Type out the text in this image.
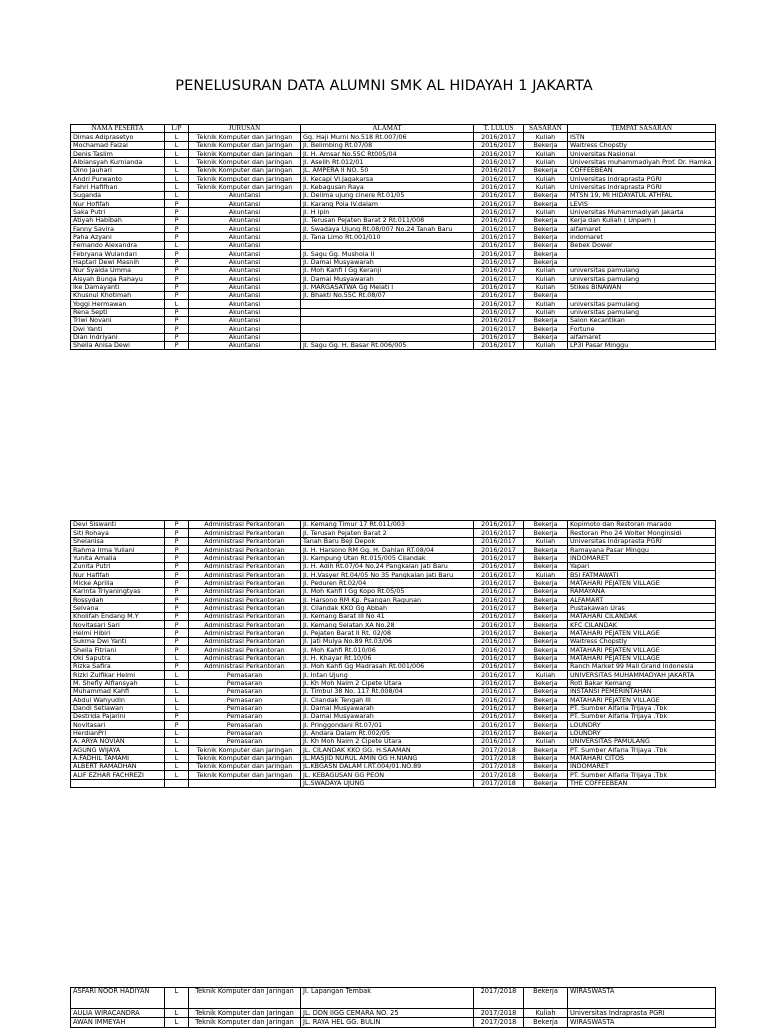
PENELUSURAN DATA ALUMNI SMK AL HIDAYAH 1 JAKARTA
NAMA PESERTA	L/P	JURUSAN	ALAMAT	T. LULUS	SASARAN	TEMPAT SASARAN
Dimas Adiprasetyo	L	Teknik Komputer dan Jaringan	Gg. Haji Murni No.518 Rt.007/06	2016/2017	Kuliah	ISTN
Mochamad Faizal	L	Teknik Komputer dan Jaringan	Jl. Belimbing Rt.07/08	2016/2017	Bekerja	Waitress Chopstly
Denis Taslim	L	Teknik Komputer dan Jaringan	Jl. H. Amsar No.55C Rt005/04	2016/2017	Kuliah	Universitas Nasional
Albiansyah Kurnianda	L	Teknik Komputer dan Jaringan	Jl. Aselih Rt.012/01	2016/2017	Kuliah	Universitas muhammadiyah Prof. Dr. Hamka
Dino Jauhari	L	Teknik Komputer dan Jaringan	JL. AMPERA II NO. 50	2016/2017	Bekerja	COFFEEBEAN
Andri Purwanto	L	Teknik Komputer dan Jaringan	Jl. Kecapi Vl.Jagakarsa	2016/2017	Kuliah	Universitas Indraprasta PGRI
Fahri Hafifhan	L	Teknik Komputer dan Jaringan	Jl. Kebagusan Raya	2016/2017	Kuliah	Universitas Indraprasta PGRI
Suganda	L	Akuntansi	Jl. Delima ujung cinere Rt.01/05	2016/2017	Bekerja	MTSN 19, MI HIDAYATUL ATHFAL
Nur Hofifah	P	Akuntansi	Jl. Karang Pola IV.dalam	2016/2017	Bekerja	LEVIS
Saka Putri	P	Akuntansi	Jl. H Ipin	2016/2017	Kuliah	Universitas Muhammadiyah Jakarta
Atiyah Habibah	P	Akuntansi	Jl. Terusan Pejaten Barat 2 Rt.011/008	2016/2017	Bekerja	Kerja dan Kuliah ( Unpam )
Fanny Savira	P	Akuntansi	Jl. Swadaya Ujung Rt.08/007 No.24 Tanah Baru	2016/2017	Bekerja	alfamaret
Paha Azyani	P	Akuntansi	Jl. Tana Limo Rt.001/010	2016/2017	Bekerja	indomaret
Fernando Alexandra	L	Akuntansi		2016/2017	Bekerja	Bebek Dower
Febryana Wulandari	P	Akuntansi	Jl. Sagu Gg. Mushola II	2016/2017	Bekerja	
Haptari Dewi Masnih	P	Akuntansi	Jl. Damai Musyawarah	2016/2017	Bekerja	
Nur Syaida Umma	P	Akuntansi	Jl. Moh Kahfi I Gg Keranji	2016/2017	Kuliah	universitas pamulang
Aisyah Bunga Rahayu	P	Akuntansi	Jl. Damai Musyawarah	2016/2017	Kuliah	universitas pamulang
Ike Damayanti	P	Akuntansi	Jl. MARGASATWA Gg Melati I	2016/2017	Kuliah	Stikes BINAWAN
Khusnul Khotimah	P	Akuntansi	Jl. Bhakti No.55C Rt.08/07	2016/2017	Bekerja	
Yoggi Hermawan	L	Akuntansi		2016/2017	Kuliah	universitas pamulang
Rena Septi	P	Akuntansi		2016/2017	Kuliah	universitas pamulang
Triwi Novani	P	Akuntansi		2016/2017	Bekerja	Salon Kecantikan
Dwi Yanti	P	Akuntansi		2016/2017	Bekerja	Fortune
Dian Indriyani	P	Akuntansi		2016/2017	Bekerja	alfamaret
Sheila Anisa Dewi	P	Akuntansi	Jl. Sagu Gg. H. Basar Rt.006/005	2016/2017	Kuliah	LP3I Pasar Minggu
Devi Siswanti	P	Administrasi Perkantoran	Jl. Kemang Timur 17 Rt.011/003	2016/2017	Bekerja	Kopimoto dan Restoran marado
Siti Rohaya	P	Administrasi Perkantoran	Jl. Terusan Pejaten Barat 2	2016/2017	Bekerja	Restoran Pho 24 Wolter Monginsidi
Shelanisa	P	Administrasi Perkantoran	Tanah Baru Beji Depok	2016/2017	Kuliah	Universitas Indraprasta PGRI
Rahma Irma Yuliani	P	Administrasi Perkantoran	Jl. H. Harsono RM Gg. H. Dahlan RT.08/04	2016/2017	Bekerja	Ramayana Pasar Minggu
Yunita Amalia	P	Administrasi Perkantoran	Jl. Kampung Utan Rt.015/005 Cilandak	2016/2017	Bekerja	INDOMARET
Zunita Putri	P	Administrasi Perkantoran	Jl. H. Adih Rt.07/04 No.24 Pangkalan Jati Baru	2016/2017	Bekerja	Yapari
Nur Hafifah	P	Administrasi Perkantoran	Jl. H.Vasyer Rt.04/05 No 35 Pangkalan Jati Baru	2016/2017	Kuliah	BSI FATMAWATI
Micke Aprilia	P	Administrasi Perkantoran	Jl. Peduren Rt.02/04	2016/2017	Bekerja	MATAHARI PEJATEN VILLAGE
Karinta Triyaningtyas	P	Administrasi Perkantoran	Jl. Moh Kahfi I Gg Kopo Rt.05/05	2016/2017	Bekerja	RAMAYANA
Rossydah	P	Administrasi Perkantoran	Jl. Harsono RM Kp. Psangan Ragunan	2016/2017	Bekerja	ALFAMART
Selvana	P	Administrasi Perkantoran	Jl. Cilandak KKO Gg Abbah	2016/2017	Bekerja	Pustakawan Uras
Kholifah Endang M.Y	P	Administrasi Perkantoran	Jl. Kemang Barat III No 41	2016/2017	Bekerja	MATAHARI CILANDAK
Novitasari Sari	P	Administrasi Perkantoran	Jl. Kemang Selatan XA No.28	2016/2017	Bekerja	KFC CILANDAK
Helmi Hibiri	P	Administrasi Perkantoran	Jl. Pejaten Barat II Rt. 02/08	2016/2017	Bekerja	MATAHARI PEJATEN VILLAGE
Sukma Dwi Yanti	P	Administrasi Perkantoran	Jl. Jati Mulya No.89 Rt.03/06	2016/2017	Bekerja	Waitress Chopstly
Sheila Fitriani	P	Administrasi Perkantoran	Jl. Moh Kahfi Rt.010/06	2016/2017	Bekerja	MATAHARI PEJATEN VILLAGE
Oki Saputra	L	Administrasi Perkantoran	Jl. H. Khayar Rt.10/06	2016/2017	Bekerja	MATAHARI PEJATEN VILLAGE
Rizka Safira	P	Administrasi Perkantoran	Jl. Moh Kahfi Gg Madrasah Rt.001/006	2016/2017	Bekerja	Ranch Market 99 Mall Grand Indonesia
Rizki Zulfikar Helmi	L	Pemasaran	Jl. Intan Ujung	2016/2017	Kuliah	UNIVERSITAS MUHAMMADYAH JAKARTA
M. Shefly Alfiansyah	L	Pemasaran	Jl. Kh Moh Naim 2 Cipete Utara	2016/2017	Bekerja	Roti Bakar Kemang
Muhammad Kahfi	L	Pemasaran	Jl. Timbul 38 No. 117 Rt.008/04	2016/2017	Bekerja	INSTANSI PEMERINTAHAN
Abdul Wahyudin	L	Pemasaran	Jl. Cilandak Tengah III	2016/2017	Bekerja	MATAHARI PEJATEN VILLAGE
Dandi Setiawan	L	Pemasaran	Jl. Damai Musyawarah	2016/2017	Bekerja	PT. Sumber Alfaria Trijaya .Tbk
Destrida Pajarini	P	Pemasaran	Jl. Damai Musyawarah	2016/2017	Bekerja	PT. Sumber Alfaria Trijaya .Tbk
Novitasari	P	Pemasaran	Jl. Pringgondani Rt.07/01	2016/2017	Bekerja	LOUNDRY
HerdianPri	L	Pemasaran	Jl. Andara Dalam Rt.002/05	2016/2017	Bekerja	LOUNDRY
A. ARYA NOVIAN	L	Pemasaran	Jl. Kh Moh Naim 2 Cipete Utara	2016/2017	Kuliah	UNIVERSITAS PAMULANG
AGUNG WIJAYA	L	Teknik Komputer dan Jaringan	JL. CILANDAK KKO GG. H.SAAMAN	2017/2018	Bekerja	PT. Sumber Alfaria Trijaya .Tbk
A.FADHIL TAMAMI	L	Teknik Komputer dan Jaringan	JL.MASJID NURUL AMIN GG H.NIANG	2017/2018	Bekerja	MATAHARI CITOS
ALBERT RAMADHAN	L	Teknik Komputer dan Jaringan	JL.KBGASN DALAM I.RT.004/01.NO.89	2017/2018	Bekerja	INDOMARET
ALIF EZHAR FACHREZI	L	Teknik Komputer dan Jaringan	JL. KEBAGUSAN GG PEON	2017/2018	Bekerja	PT. Sumber Alfaria Trijaya .Tbk
			JL.SWADAYA UJUNG	2017/2018	Bekerja	THE COFFEEBEAN
ASFARI NOOR HADIYAN	L	Teknik Komputer dan Jaringan	Jl. Lapangan Tembak	2017/2018	Bekerja	WIRASWASTA
AULIA WIRACANDRA	L	Teknik Komputer dan Jaringan	JL. DDN IIGG CEMARA NO. 25	2017/2018	Kuliah	Universitas Indraprasta PGRI
AWAN IMMEYAH	L	Teknik Komputer dan Jaringan	JL. RAYA HEL GG. BULIN	2017/2018	Bekerja	WIRASWASTA
